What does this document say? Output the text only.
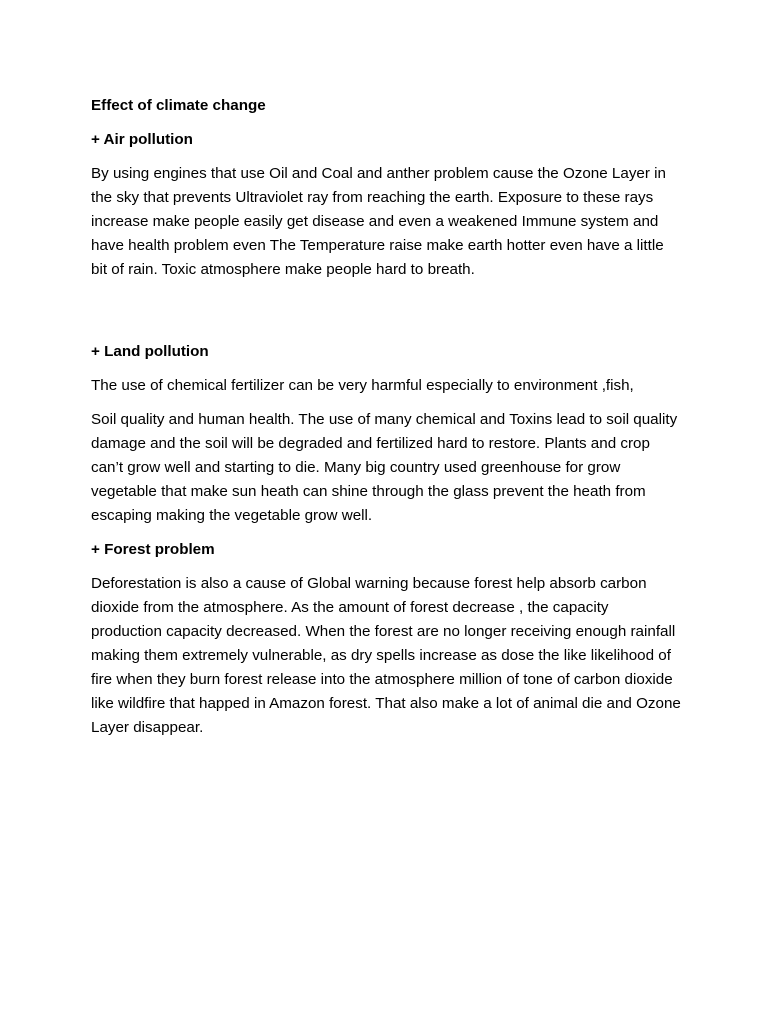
Effect of climate change

+ Air pollution

By using engines that use Oil and Coal and anther problem cause the Ozone Layer in the sky that prevents Ultraviolet ray from reaching the earth. Exposure to these rays increase make people easily get disease and even a weakened Immune system and have health problem even The Temperature raise make earth hotter even have a little bit of rain. Toxic atmosphere make people hard to breath.

+ Land pollution

The use of chemical fertilizer can be very harmful especially to environment ,fish,

Soil quality and human health. The use of many chemical and Toxins lead to soil quality damage and the soil will be degraded and fertilized hard to restore. Plants and crop can’t grow well and starting to die. Many big country used greenhouse for grow vegetable that make sun heath can shine through the glass prevent the heath from escaping making the vegetable grow well.

+ Forest problem

Deforestation is also a cause of Global warning because forest help absorb carbon dioxide from the atmosphere. As the amount of forest decrease , the capacity production capacity decreased. When the forest are no longer receiving enough rainfall making them extremely vulnerable, as dry spells increase as dose the like likelihood of fire when they burn forest release into the atmosphere million of tone of carbon dioxide like wildfire that happed in Amazon forest. That also make a lot of animal die and Ozone Layer disappear.
